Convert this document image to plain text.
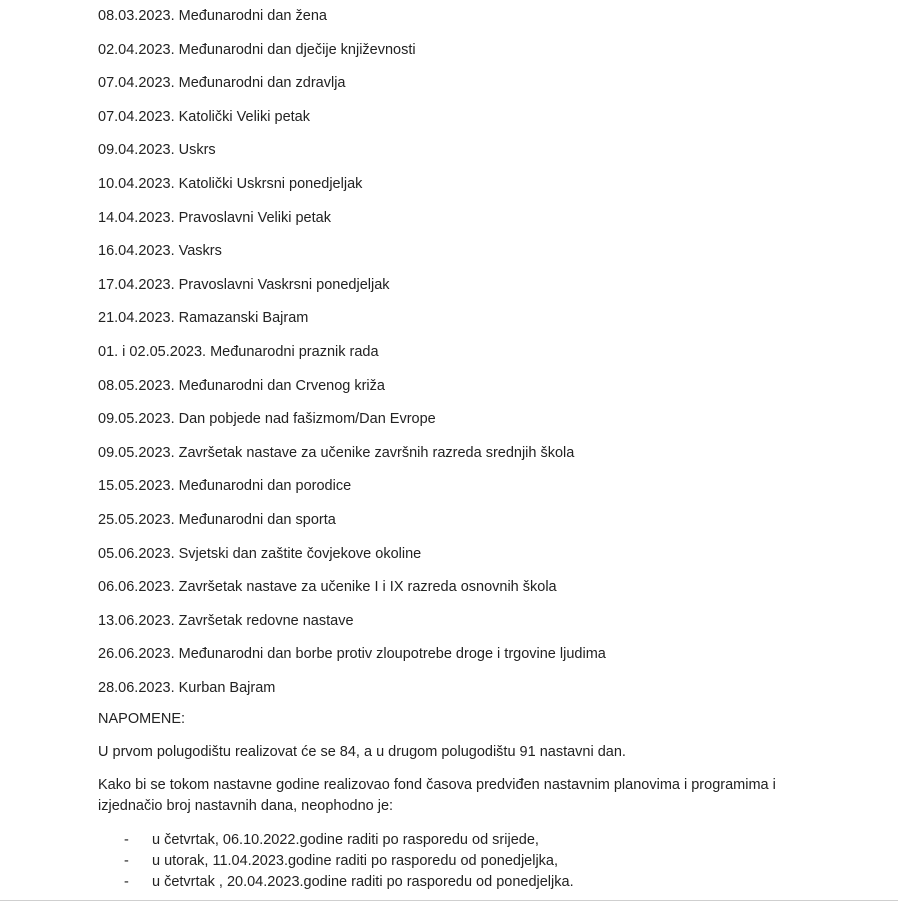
08.03.2023. Međunarodni dan žena
02.04.2023. Međunarodni dan dječije književnosti
07.04.2023. Međunarodni dan zdravlja
07.04.2023. Katolički Veliki petak
09.04.2023. Uskrs
10.04.2023. Katolički Uskrsni ponedjeljak
14.04.2023. Pravoslavni Veliki petak
16.04.2023. Vaskrs
17.04.2023. Pravoslavni Vaskrsni ponedjeljak
21.04.2023. Ramazanski Bajram
01. i 02.05.2023. Međunarodni praznik rada
08.05.2023. Međunarodni dan Crvenog križa
09.05.2023. Dan pobjede nad fašizmom/Dan Evrope
09.05.2023. Završetak nastave za učenike završnih razreda srednjih škola
15.05.2023. Međunarodni dan porodice
25.05.2023. Međunarodni dan sporta
05.06.2023. Svjetski dan zaštite čovjekove okoline
06.06.2023. Završetak nastave za učenike I i IX razreda osnovnih škola
13.06.2023. Završetak redovne nastave
26.06.2023. Međunarodni dan borbe protiv zloupotrebe droge i trgovine ljudima
28.06.2023. Kurban Bajram

NAPOMENE:

U prvom polugodištu realizovat će se 84, a u drugom polugodištu 91 nastavni dan.

Kako bi se tokom nastavne godine realizovao fond časova predviđen nastavnim planovima i programima i izjednačio broj nastavnih dana, neophodno je:

-	u četvrtak, 06.10.2022.godine raditi po rasporedu od srijede,
-	u utorak, 11.04.2023.godine raditi po rasporedu od ponedjeljka,
-	u četvrtak , 20.04.2023.godine raditi po rasporedu od ponedjeljka.
